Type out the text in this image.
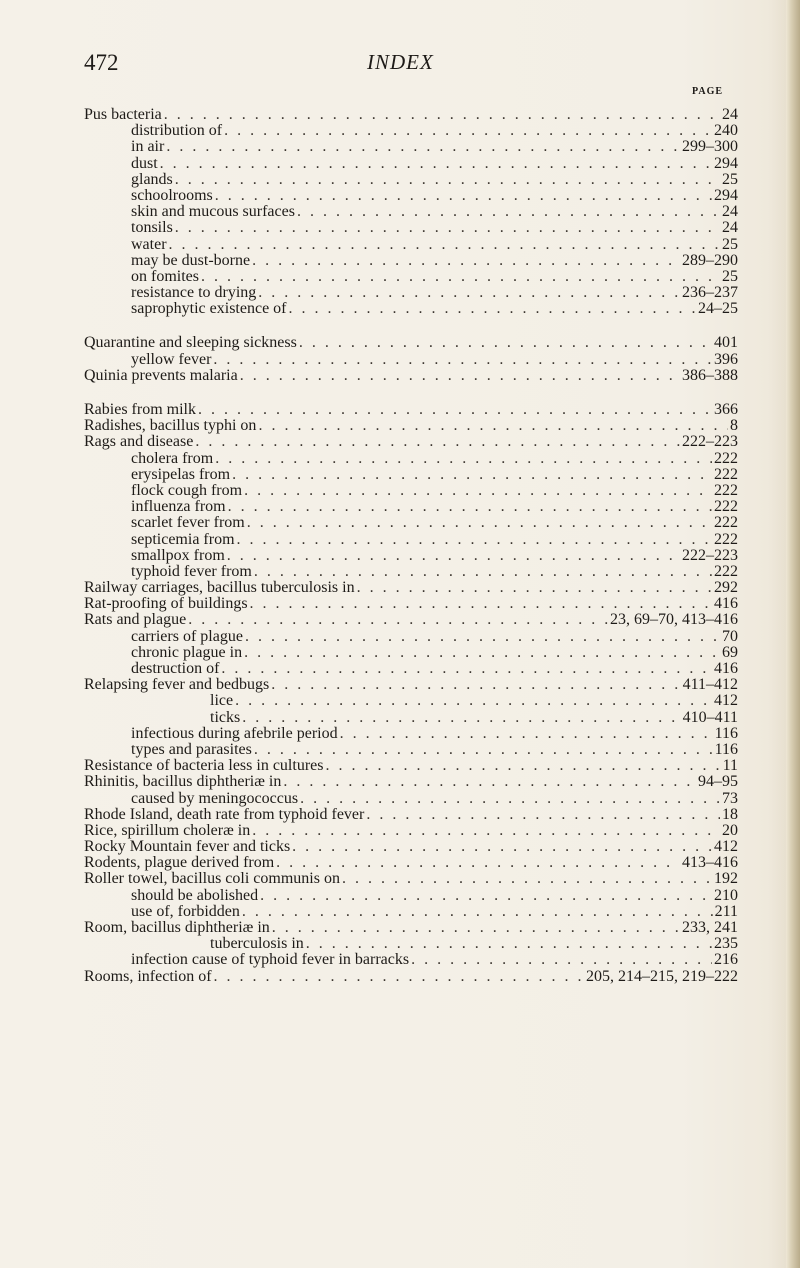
472	INDEX
PAGE
Pus bacteria . . .	24
distribution of . . .	240
in air . . .	299–300
dust . . .	294
glands . . .	25
schoolrooms . . .	294
skin and mucous surfaces . . .	24
tonsils . . .	24
water . . .	25
may be dust-borne . . .	289–290
on fomites . . .	25
resistance to drying . . .	236–237
saprophytic existence of . . .	24–25
Quarantine and sleeping sickness . . .	401
yellow fever . . .	396
Quinia prevents malaria . . .	386–388
Rabies from milk . . .	366
Radishes, bacillus typhi on . . .	8
Rags and disease . . .	222–223
cholera from . . .	222
erysipelas from . . .	222
flock cough from . . .	222
influenza from . . .	222
scarlet fever from . . .	222
septicemia from . . .	222
smallpox from . . .	222–223
typhoid fever from . . .	222
Railway carriages, bacillus tuberculosis in . . .	292
Rat-proofing of buildings . . .	416
Rats and plague . . .	23, 69–70, 413–416
carriers of plague . . .	70
chronic plague in . . .	69
destruction of . . .	416
Relapsing fever and bedbugs . . .	411–412
lice . . .	412
ticks . . .	410–411
infectious during afebrile period . . .	116
types and parasites . . .	116
Resistance of bacteria less in cultures . . .	11
Rhinitis, bacillus diphtheriæ in . . .	94–95
caused by meningococcus . . .	73
Rhode Island, death rate from typhoid fever . . .	18
Rice, spirillum choleræ in . . .	20
Rocky Mountain fever and ticks . . .	412
Rodents, plague derived from . . .	413–416
Roller towel, bacillus coli communis on . . .	192
should be abolished . . .	210
use of, forbidden . . .	211
Room, bacillus diphtheriæ in . . .	233, 241
tuberculosis in . . .	235
infection cause of typhoid fever in barracks . . .	216
Rooms, infection of . . .	205, 214–215, 219–222
